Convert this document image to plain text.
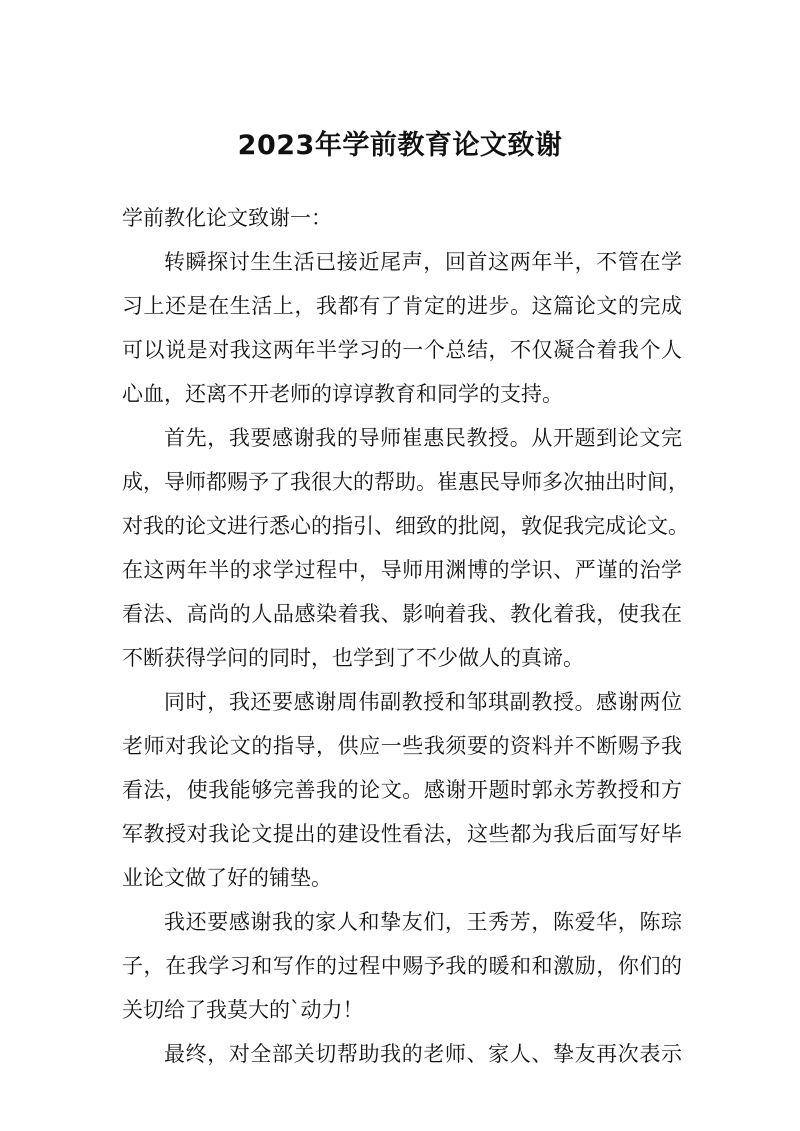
2023年学前教育论文致谢
学前教化论文致谢一：
转瞬探讨生生活已接近尾声，回首这两年半，不管在学
习上还是在生活上，我都有了肯定的进步。这篇论文的完成
可以说是对我这两年半学习的一个总结，不仅凝合着我个人
心血，还离不开老师的谆谆教育和同学的支持。
首先，我要感谢我的导师崔惠民教授。从开题到论文完
成，导师都赐予了我很大的帮助。崔惠民导师多次抽出时间，
对我的论文进行悉心的指引、细致的批阅，敦促我完成论文。
在这两年半的求学过程中，导师用渊博的学识、严谨的治学
看法、高尚的人品感染着我、影响着我、教化着我，使我在
不断获得学问的同时，也学到了不少做人的真谛。
同时，我还要感谢周伟副教授和邹琪副教授。感谢两位
老师对我论文的指导，供应一些我须要的资料并不断赐予我
看法，使我能够完善我的论文。感谢开题时郭永芳教授和方
军教授对我论文提出的建设性看法，这些都为我后面写好毕
业论文做了好的铺垫。
我还要感谢我的家人和挚友们，王秀芳，陈爱华，陈琮
子，在我学习和写作的过程中赐予我的暖和和激励，你们的
关切给了我莫大的`动力！
最终，对全部关切帮助我的老师、家人、挚友再次表示
